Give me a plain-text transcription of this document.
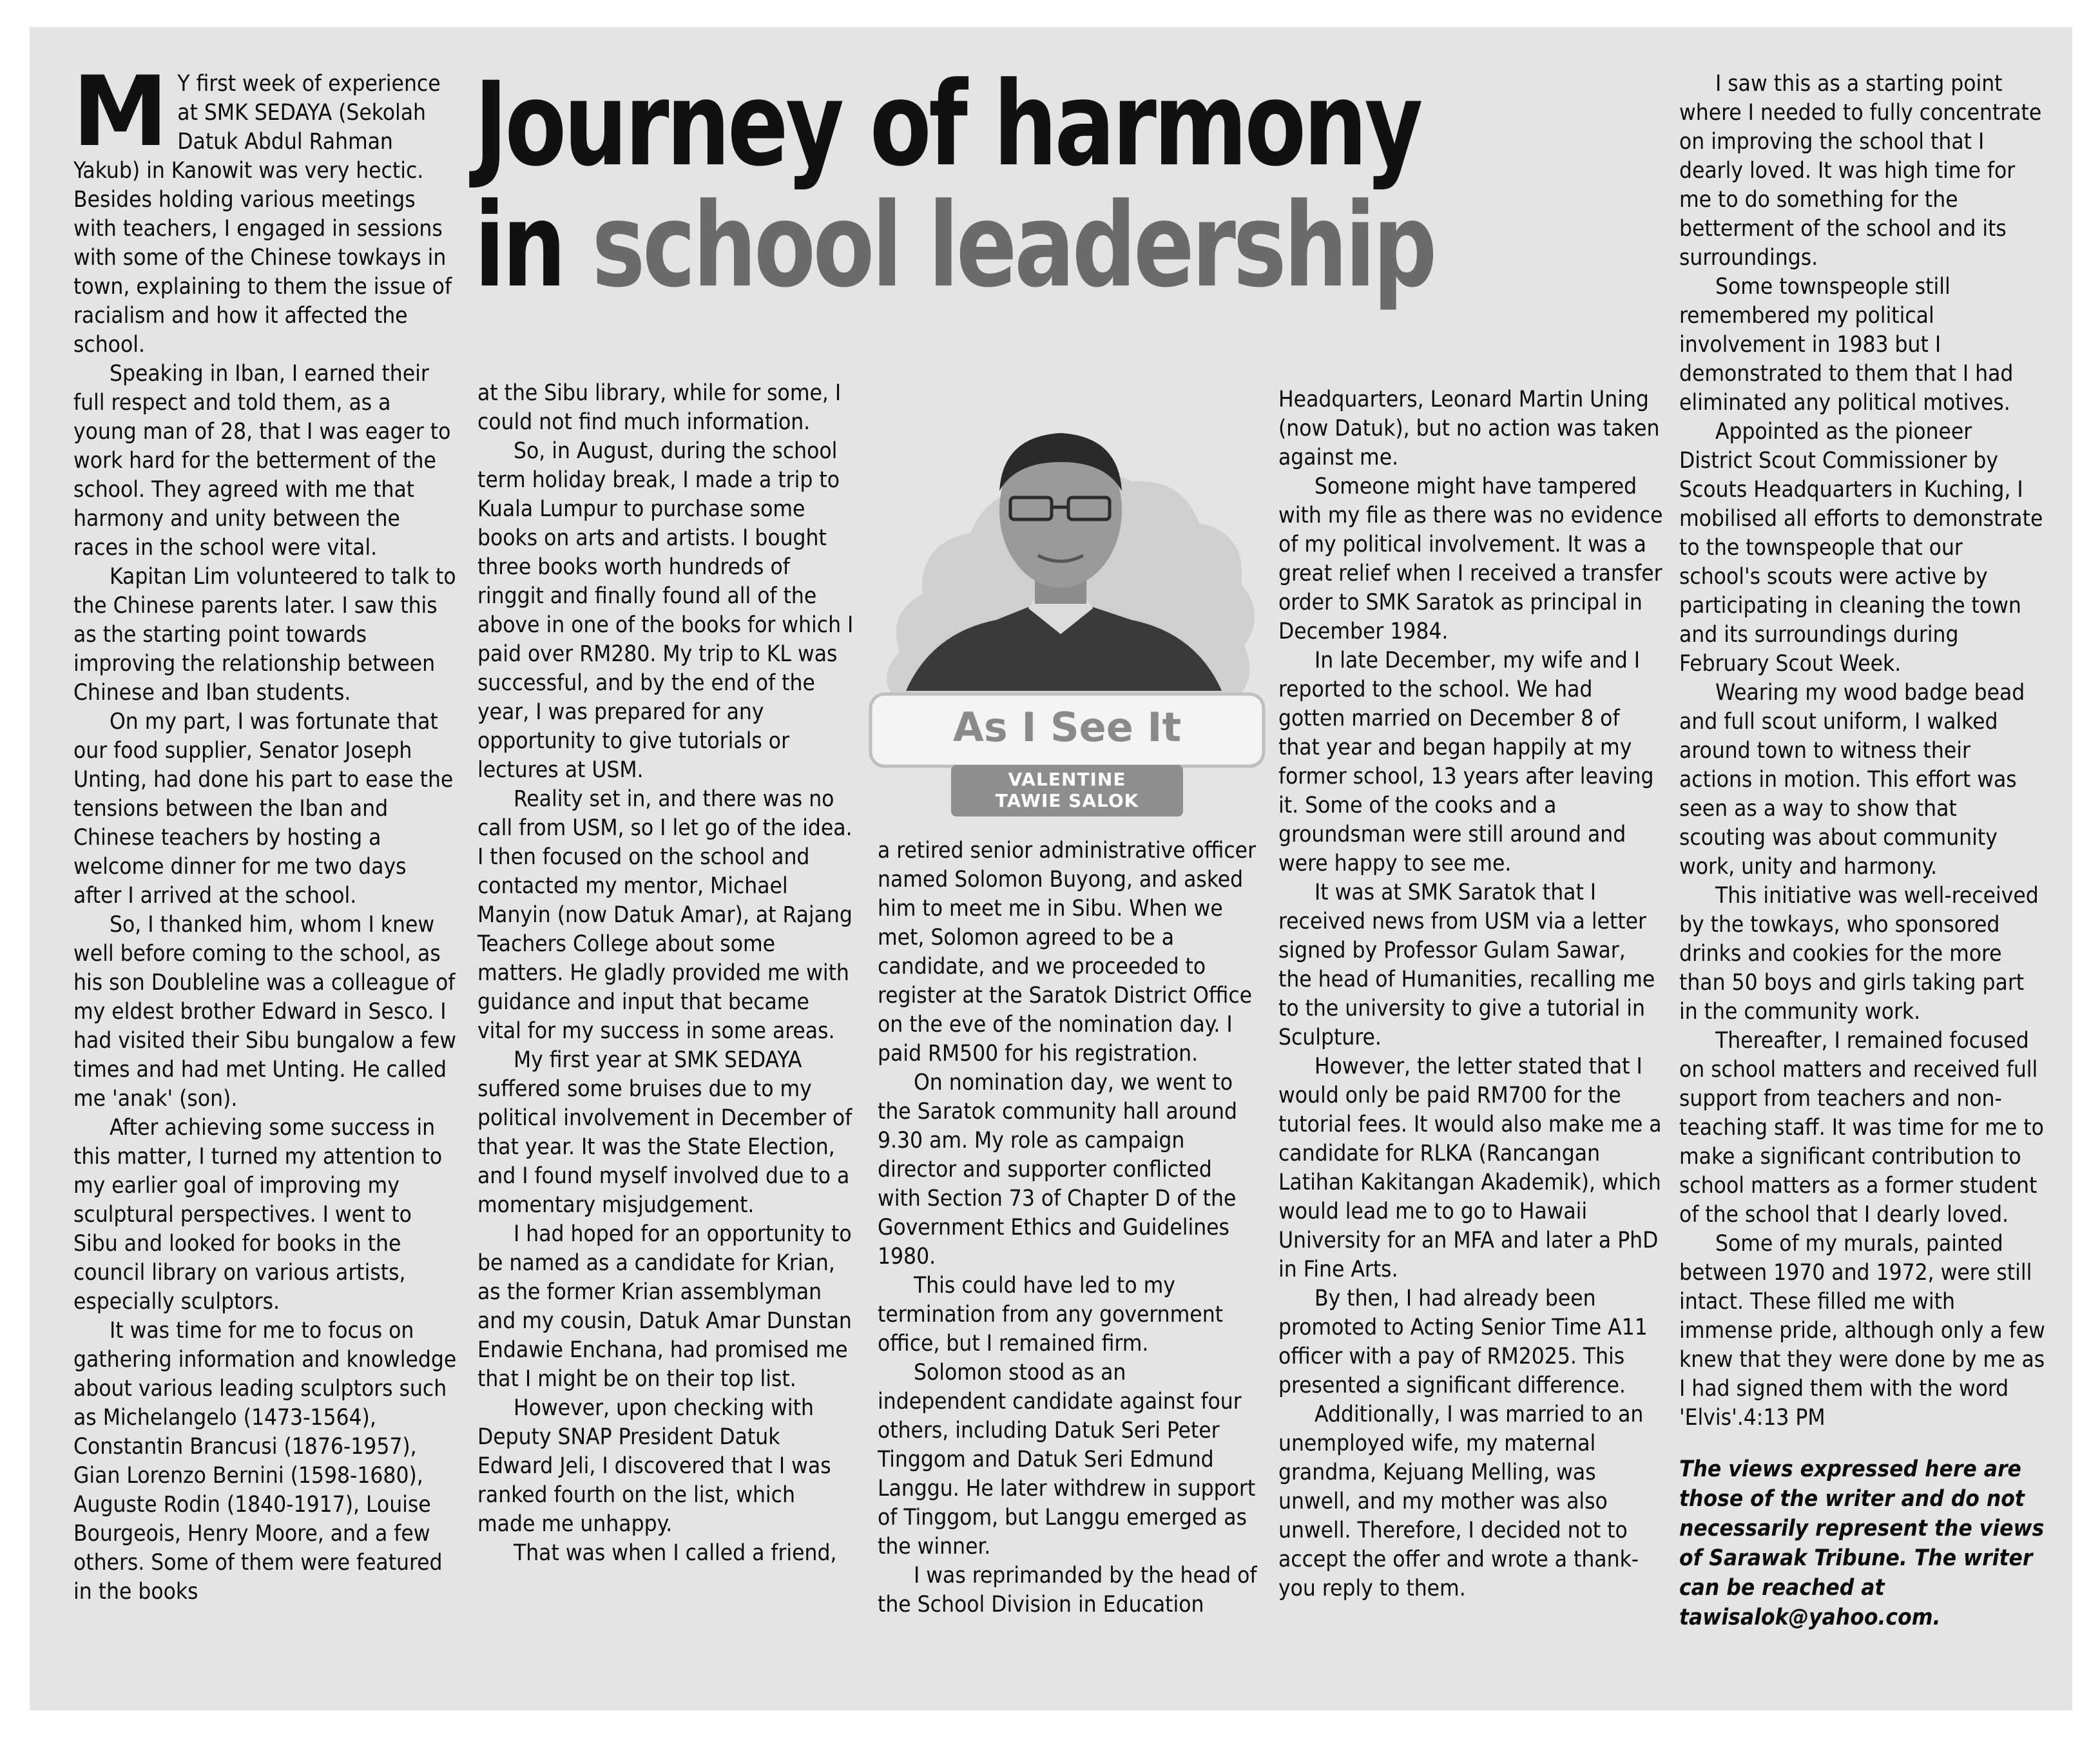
Journey of harmony
in school leadership

M Y first week of experience at SMK SEDAYA (Sekolah Datuk Abdul Rahman Yakub) in Kanowit was very hectic. Besides holding various meetings with teachers, I engaged in sessions with some of the Chinese towkays in town, explaining to them the issue of racialism and how it affected the school.

Speaking in Iban, I earned their full respect and told them, as a young man of 28, that I was eager to work hard for the betterment of the school. They agreed with me that harmony and unity between the races in the school were vital.

Kapitan Lim volunteered to talk to the Chinese parents later. I saw this as the starting point towards improving the relationship between Chinese and Iban students.

On my part, I was fortunate that our food supplier, Senator Joseph Unting, had done his part to ease the tensions between the Iban and Chinese teachers by hosting a welcome dinner for me two days after I arrived at the school.

So, I thanked him, whom I knew well before coming to the school, as his son Doubleline was a colleague of my eldest brother Edward in Sesco. I had visited their Sibu bungalow a few times and had met Unting. He called me 'anak' (son).

After achieving some success in this matter, I turned my attention to my earlier goal of improving my sculptural perspectives. I went to Sibu and looked for books in the council library on various artists, especially sculptors.

It was time for me to focus on gathering information and knowledge about various leading sculptors such as Michelangelo (1473-1564), Constantin Brancusi (1876-1957), Gian Lorenzo Bernini (1598-1680), Auguste Rodin (1840-1917), Louise Bourgeois, Henry Moore, and a few others. Some of them were featured in the books

at the Sibu library, while for some, I could not find much information.

So, in August, during the school term holiday break, I made a trip to Kuala Lumpur to purchase some books on arts and artists. I bought three books worth hundreds of ringgit and finally found all of the above in one of the books for which I paid over RM280. My trip to KL was successful, and by the end of the year, I was prepared for any opportunity to give tutorials or lectures at USM.

Reality set in, and there was no call from USM, so I let go of the idea. I then focused on the school and contacted my mentor, Michael Manyin (now Datuk Amar), at Rajang Teachers College about some matters. He gladly provided me with guidance and input that became vital for my success in some areas.

My first year at SMK SEDAYA suffered some bruises due to my political involvement in December of that year. It was the State Election, and I found myself involved due to a momentary misjudgement.

I had hoped for an opportunity to be named as a candidate for Krian, as the former Krian assemblyman and my cousin, Datuk Amar Dunstan Endawie Enchana, had promised me that I might be on their top list.

However, upon checking with Deputy SNAP President Datuk Edward Jeli, I discovered that I was ranked fourth on the list, which made me unhappy.

That was when I called a friend,

As I See It
VALENTINE
TAWIE SALOK

a retired senior administrative officer named Solomon Buyong, and asked him to meet me in Sibu. When we met, Solomon agreed to be a candidate, and we proceeded to register at the Saratok District Office on the eve of the nomination day. I paid RM500 for his registration.

On nomination day, we went to the Saratok community hall around 9.30 am. My role as campaign director and supporter conflicted with Section 73 of Chapter D of the Government Ethics and Guidelines 1980.

This could have led to my termination from any government office, but I remained firm.

Solomon stood as an independent candidate against four others, including Datuk Seri Peter Tinggom and Datuk Seri Edmund Langgu. He later withdrew in support of Tinggom, but Langgu emerged as the winner.

I was reprimanded by the head of the School Division in Education

Headquarters, Leonard Martin Uning (now Datuk), but no action was taken against me.

Someone might have tampered with my file as there was no evidence of my political involvement. It was a great relief when I received a transfer order to SMK Saratok as principal in December 1984.

In late December, my wife and I reported to the school. We had gotten married on December 8 of that year and began happily at my former school, 13 years after leaving it. Some of the cooks and a groundsman were still around and were happy to see me.

It was at SMK Saratok that I received news from USM via a letter signed by Professor Gulam Sawar, the head of Humanities, recalling me to the university to give a tutorial in Sculpture.

However, the letter stated that I would only be paid RM700 for the tutorial fees. It would also make me a candidate for RLKA (Rancangan Latihan Kakitangan Akademik), which would lead me to go to Hawaii University for an MFA and later a PhD in Fine Arts.

By then, I had already been promoted to Acting Senior Time A11 officer with a pay of RM2025. This presented a significant difference.

Additionally, I was married to an unemployed wife, my maternal grandma, Kejuang Melling, was unwell, and my mother was also unwell. Therefore, I decided not to accept the offer and wrote a thank-you reply to them.

I saw this as a starting point where I needed to fully concentrate on improving the school that I dearly loved. It was high time for me to do something for the betterment of the school and its surroundings.

Some townspeople still remembered my political involvement in 1983 but I demonstrated to them that I had eliminated any political motives.

Appointed as the pioneer District Scout Commissioner by Scouts Headquarters in Kuching, I mobilised all efforts to demonstrate to the townspeople that our school's scouts were active by participating in cleaning the town and its surroundings during February Scout Week.

Wearing my wood badge bead and full scout uniform, I walked around town to witness their actions in motion. This effort was seen as a way to show that scouting was about community work, unity and harmony.

This initiative was well-received by the towkays, who sponsored drinks and cookies for the more than 50 boys and girls taking part in the community work.

Thereafter, I remained focused on school matters and received full support from teachers and non-teaching staff. It was time for me to make a significant contribution to school matters as a former student of the school that I dearly loved.

Some of my murals, painted between 1970 and 1972, were still intact. These filled me with immense pride, although only a few knew that they were done by me as I had signed them with the word 'Elvis'.4:13 PM

The views expressed here are those of the writer and do not necessarily represent the views of Sarawak Tribune. The writer can be reached at tawisalok@yahoo.com.
